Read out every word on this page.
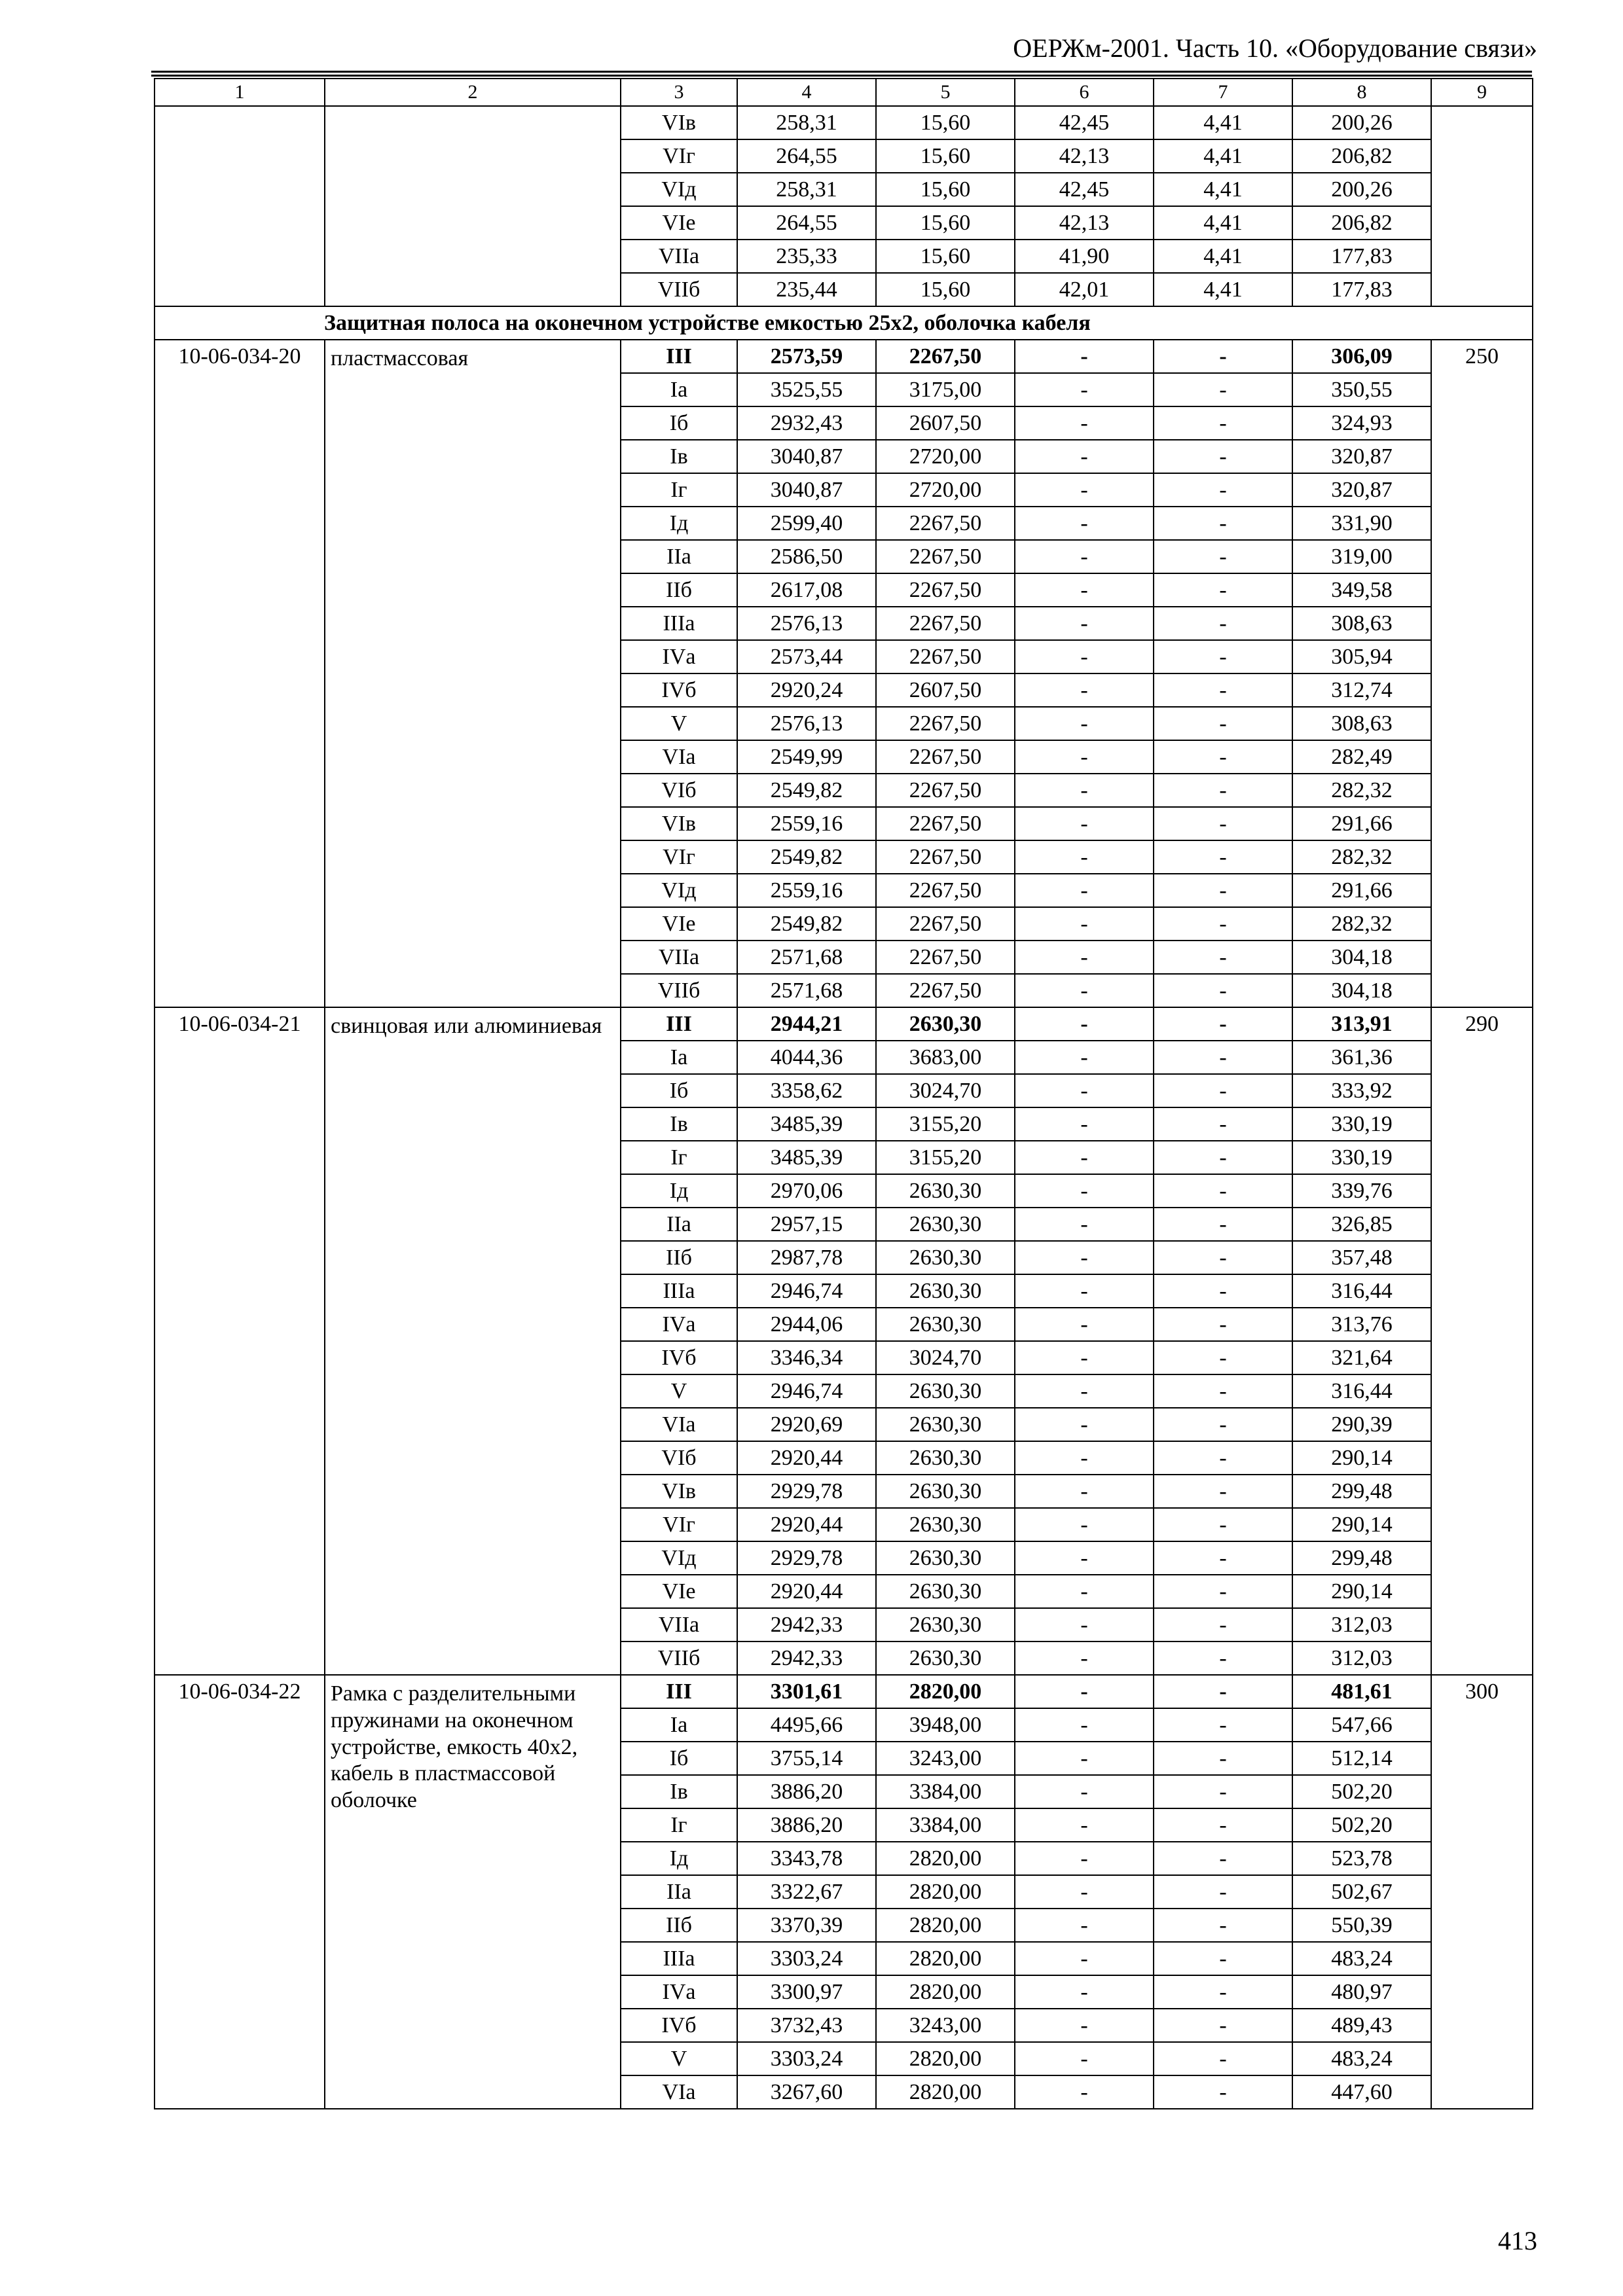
ОЕРЖм-2001. Часть 10. «Оборудование связи»
1	2	3	4	5	6	7	8	9
		VIв	258,31	15,60	42,45	4,41	200,26	
		VIг	264,55	15,60	42,13	4,41	206,82	
		VIд	258,31	15,60	42,45	4,41	200,26	
		VIе	264,55	15,60	42,13	4,41	206,82	
		VIIа	235,33	15,60	41,90	4,41	177,83	
		VIIб	235,44	15,60	42,01	4,41	177,83	
Защитная полоса на оконечном устройстве емкостью 25x2, оболочка кабеля								
10-06-034-20	пластмассовая	III	2573,59	2267,50	-	-	306,09	250
		Iа	3525,55	3175,00	-	-	350,55	
		Iб	2932,43	2607,50	-	-	324,93	
		Iв	3040,87	2720,00	-	-	320,87	
		Iг	3040,87	2720,00	-	-	320,87	
		Iд	2599,40	2267,50	-	-	331,90	
		IIа	2586,50	2267,50	-	-	319,00	
		IIб	2617,08	2267,50	-	-	349,58	
		IIIа	2576,13	2267,50	-	-	308,63	
		IVа	2573,44	2267,50	-	-	305,94	
		IVб	2920,24	2607,50	-	-	312,74	
		V	2576,13	2267,50	-	-	308,63	
		VIа	2549,99	2267,50	-	-	282,49	
		VIб	2549,82	2267,50	-	-	282,32	
		VIв	2559,16	2267,50	-	-	291,66	
		VIг	2549,82	2267,50	-	-	282,32	
		VIд	2559,16	2267,50	-	-	291,66	
		VIе	2549,82	2267,50	-	-	282,32	
		VIIа	2571,68	2267,50	-	-	304,18	
		VIIб	2571,68	2267,50	-	-	304,18	
10-06-034-21	свинцовая или алюминиевая	III	2944,21	2630,30	-	-	313,91	290
		Iа	4044,36	3683,00	-	-	361,36	
		Iб	3358,62	3024,70	-	-	333,92	
		Iв	3485,39	3155,20	-	-	330,19	
		Iг	3485,39	3155,20	-	-	330,19	
		Iд	2970,06	2630,30	-	-	339,76	
		IIа	2957,15	2630,30	-	-	326,85	
		IIб	2987,78	2630,30	-	-	357,48	
		IIIа	2946,74	2630,30	-	-	316,44	
		IVа	2944,06	2630,30	-	-	313,76	
		IVб	3346,34	3024,70	-	-	321,64	
		V	2946,74	2630,30	-	-	316,44	
		VIа	2920,69	2630,30	-	-	290,39	
		VIб	2920,44	2630,30	-	-	290,14	
		VIв	2929,78	2630,30	-	-	299,48	
		VIг	2920,44	2630,30	-	-	290,14	
		VIд	2929,78	2630,30	-	-	299,48	
		VIе	2920,44	2630,30	-	-	290,14	
		VIIа	2942,33	2630,30	-	-	312,03	
		VIIб	2942,33	2630,30	-	-	312,03	
10-06-034-22	Рамка с разделительными пружинами на оконечном устройстве, емкость 40x2, кабель в пластмассовой оболочке	III	3301,61	2820,00	-	-	481,61	300
		Iа	4495,66	3948,00	-	-	547,66	
		Iб	3755,14	3243,00	-	-	512,14	
		Iв	3886,20	3384,00	-	-	502,20	
		Iг	3886,20	3384,00	-	-	502,20	
		Iд	3343,78	2820,00	-	-	523,78	
		IIа	3322,67	2820,00	-	-	502,67	
		IIб	3370,39	2820,00	-	-	550,39	
		IIIа	3303,24	2820,00	-	-	483,24	
		IVа	3300,97	2820,00	-	-	480,97	
		IVб	3732,43	3243,00	-	-	489,43	
		V	3303,24	2820,00	-	-	483,24	
		VIа	3267,60	2820,00	-	-	447,60	
413
